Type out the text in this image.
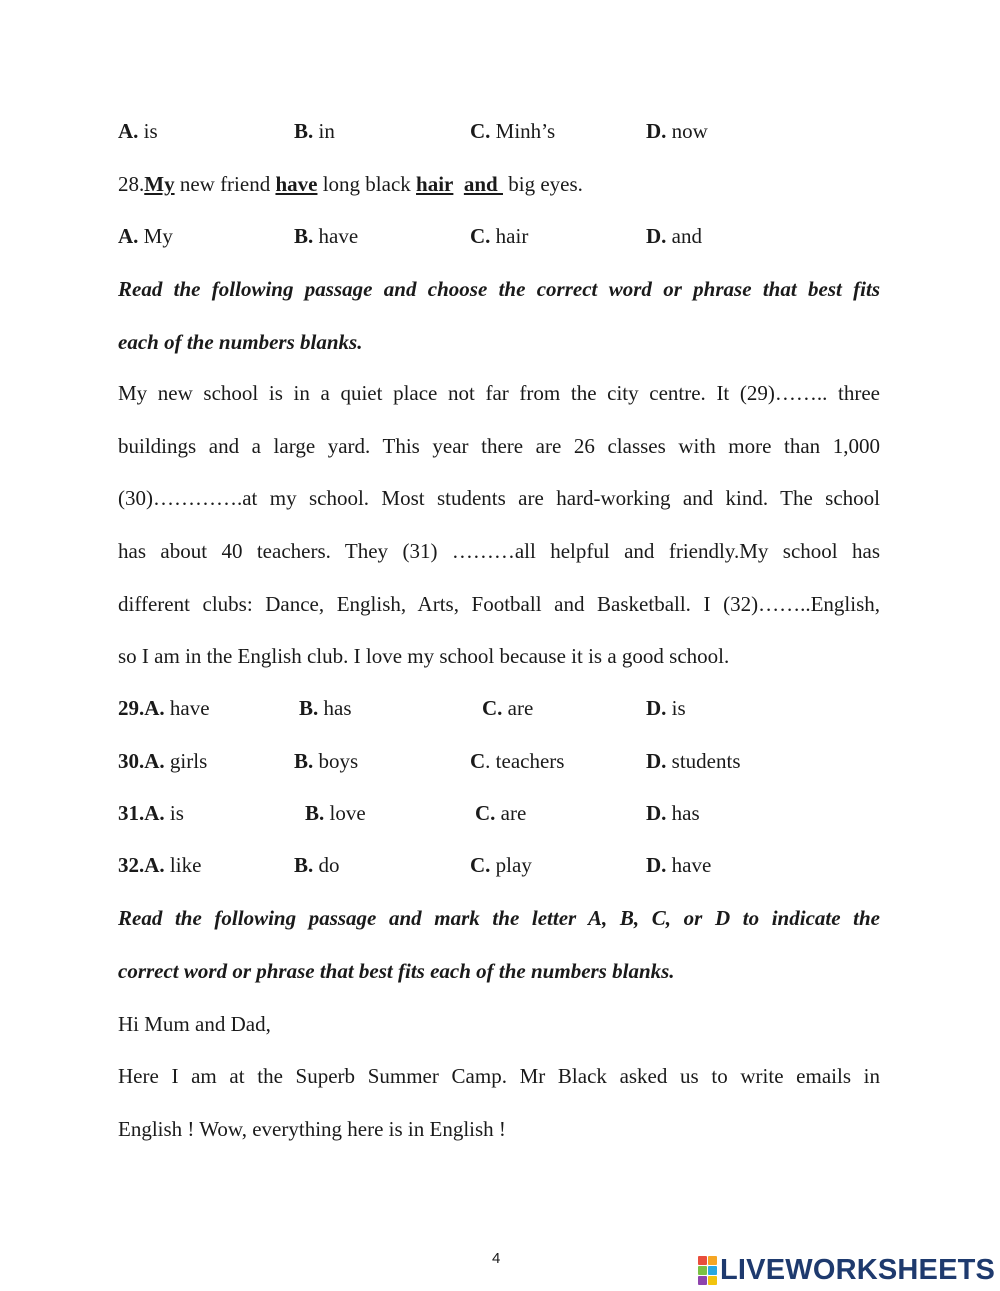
A. is	B. in	C. Minh’s	D. now
28.My new friend have long black hair and  big eyes.
A. My	B. have	C. hair	D. and
Read the following passage and choose the correct word or phrase that best fits
each of the numbers blanks.
My new school is in a quiet place not far from the city centre. It (29)…….. three
buildings and a large yard. This year there are 26 classes with more than 1,000
(30)………….at my school. Most students are hard-working and kind. The school
has about 40 teachers. They (31) ………all helpful and friendly.My school has
different clubs: Dance, English, Arts, Football and Basketball. I (32)……..English,
so I am in the English club. I love my school because it is a good school.
29.A. have	B. has	C. are	D. is
30.A. girls	B. boys	C. teachers	D. students
31.A. is	B. love	C. are	D. has
32.A. like	B. do	C. play	D. have
Read the following passage and mark the letter A, B, C, or D to indicate the
correct word or phrase that best fits each of the numbers blanks.
Hi Mum and Dad,
Here I am at the Superb Summer Camp. Mr Black asked us to write emails in
English ! Wow, everything here is in English !
4	LIVEWORKSHEETS
